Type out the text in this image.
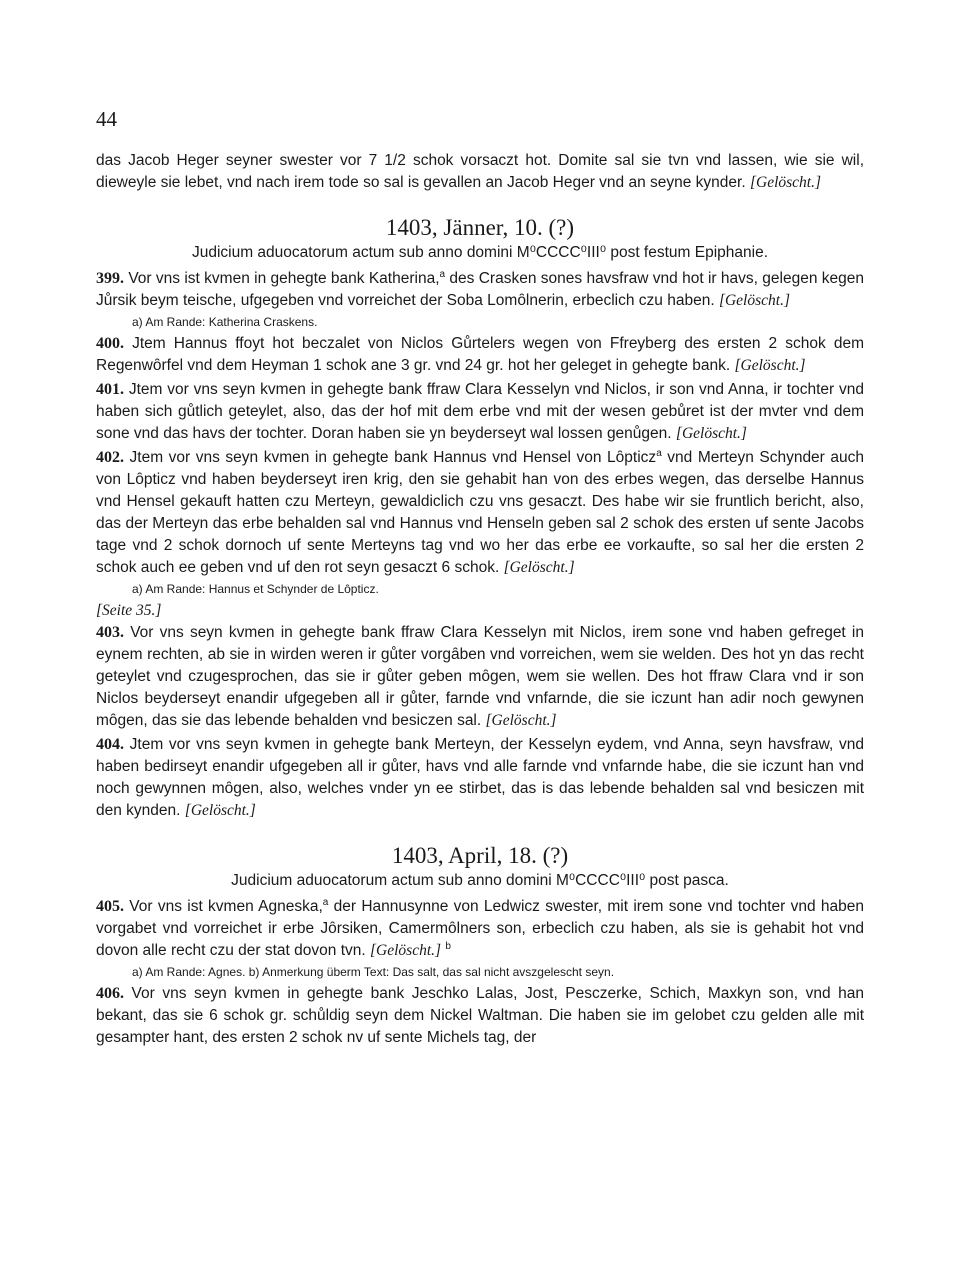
44

das Jacob Heger seyner swester vor 7 1/2 schok vorsaczt hot. Domite sal sie tvn vnd lassen, wie sie wil, dieweyle sie lebet, vnd nach irem tode so sal is gevallen an Jacob Heger vnd an seyne kynder. [Gelöscht.]

1403, Jänner, 10. (?)

Judicium aduocatorum actum sub anno domini M⁰CCCC⁰III⁰ post festum Epiphanie.

399. Vor vns ist kvmen in gehegte bank Katherina,$^a$ des Crasken sones havsfraw vnd hot ir havs, gelegen kegen Jůrsik beym teische, ufgegeben vnd vorreichet der Soba Lomȏlnerin, erbeclich czu haben. [Gelöscht.]

a) Am Rande: Katherina Craskens.

400. Jtem Hannus ffoyt hot beczalet von Niclos Gůrtelers wegen von Ffreyberg des ersten 2 schok dem Regenwȏrfel vnd dem Heyman 1 schok ane 3 gr. vnd 24 gr. hot her geleget in gehegte bank. [Gelöscht.]

401. Jtem vor vns seyn kvmen in gehegte bank ffraw Clara Kesselyn vnd Niclos, ir son vnd Anna, ir tochter vnd haben sich gůtlich geteylet, also, das der hof mit dem erbe vnd mit der wesen gebůret ist der mvter vnd dem sone vnd das havs der tochter. Doran haben sie yn beyderseyt wal lossen genůgen. [Gelöscht.]

402. Jtem vor vns seyn kvmen in gehegte bank Hannus vnd Hensel von Lȏpticz$^a$ vnd Merteyn Schynder auch von Lȏpticz vnd haben beyderseyt iren krig, den sie gehabit han von des erbes wegen, das derselbe Hannus vnd Hensel gekauft hatten czu Merteyn, gewaldiclich czu vns gesaczt. Des habe wir sie fruntlich bericht, also, das der Merteyn das erbe behalden sal vnd Hannus vnd Henseln geben sal 2 schok des ersten uf sente Jacobs tage vnd 2 schok dornoch uf sente Merteyns tag vnd wo her das erbe ee vorkaufte, so sal her die ersten 2 schok auch ee geben vnd uf den rot seyn gesaczt 6 schok. [Gelöscht.]

a) Am Rande: Hannus et Schynder de Lȏpticz.

[Seite 35.]

403. Vor vns seyn kvmen in gehegte bank ffraw Clara Kesselyn mit Niclos, irem sone vnd haben gefreget in eynem rechten, ab sie in wirden weren ir gůter vorgȃben vnd vorreichen, wem sie welden. Des hot yn das recht geteylet vnd czugesprochen, das sie ir gůter geben mȏgen, wem sie wellen. Des hot ffraw Clara vnd ir son Niclos beyderseyt enandir ufgegeben all ir gůter, farnde vnd vnfarnde, die sie iczunt han adir noch gewynen mȏgen, das sie das lebende behalden vnd besiczen sal. [Gelöscht.]

404. Jtem vor vns seyn kvmen in gehegte bank Merteyn, der Kesselyn eydem, vnd Anna, seyn havsfraw, vnd haben bedirseyt enandir ufgegeben all ir gůter, havs vnd alle farnde vnd vnfarnde habe, die sie iczunt han vnd noch gewynnen mȏgen, also, welches vnder yn ee stirbet, das is das lebende behalden sal vnd besiczen mit den kynden. [Gelöscht.]

1403, April, 18. (?)

Judicium aduocatorum actum sub anno domini M⁰CCCC⁰III⁰ post pasca.

405. Vor vns ist kvmen Agneska,$^a$ der Hannusynne von Ledwicz swester, mit irem sone vnd tochter vnd haben vorgabet vnd vorreichet ir erbe Jȏrsiken, Camermȏlners son, erbeclich czu haben, als sie is gehabit hot vnd dovon alle recht czu der stat dovon tvn. [Gelöscht.] $^b$

a) Am Rande: Agnes. b) Anmerkung überm Text: Das salt, das sal nicht avszgelescht seyn.

406. Vor vns seyn kvmen in gehegte bank Jeschko Lalas, Jost, Pesczerke, Schich, Maxkyn son, vnd han bekant, das sie 6 schok gr. schůldig seyn dem Nickel Waltman. Die haben sie im gelobet czu gelden alle mit gesampter hant, des ersten 2 schok nv uf sente Michels tag, der
